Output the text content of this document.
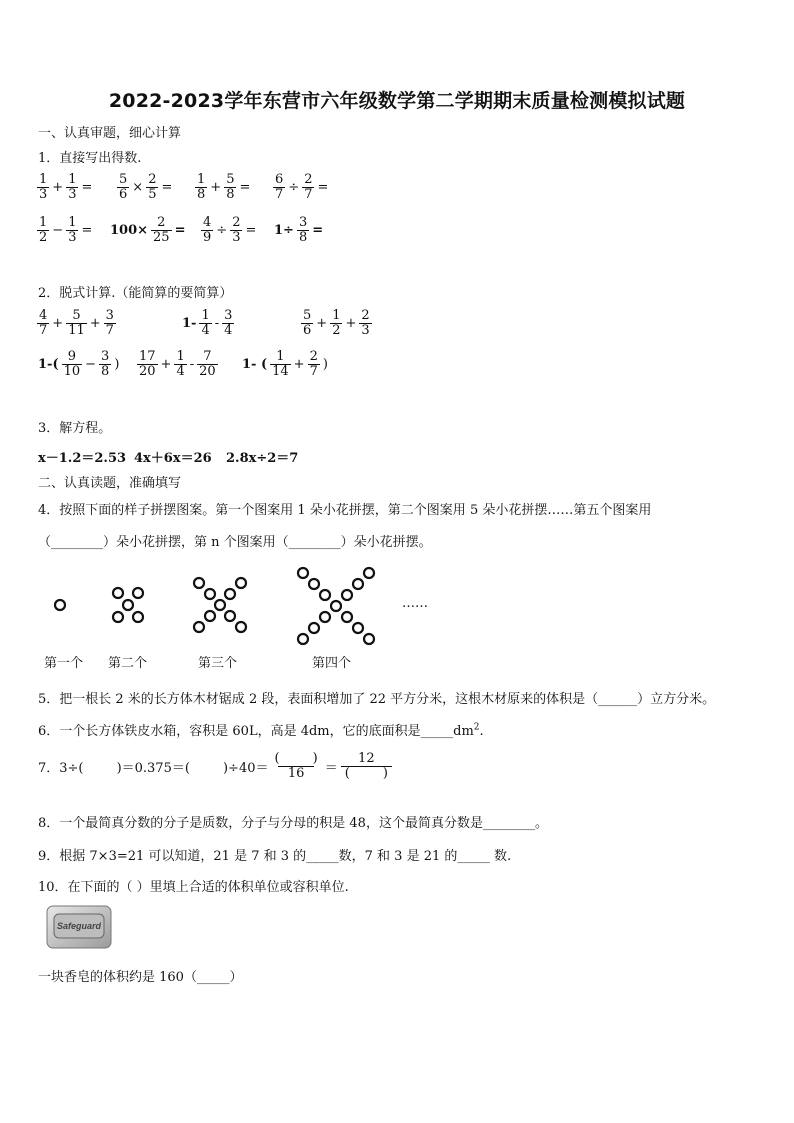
2022-2023学年东营市六年级数学第二学期期末质量检测模拟试题
一、认真审题，细心计算
1．直接写出得数.
$\frac{1}{3} + \frac{1}{3} = \frac{5}{6} \times \frac{2}{5} = \frac{1}{8} + \frac{5}{8} = \frac{6}{7} \div \frac{2}{7}$ =
$\frac{1}{2} - \frac{1}{3} = 100\times \frac{2}{25} = \frac{4}{9} \div \frac{2}{3} = 1\div \frac{3}{8}$ =
2．脱式计算.（能简算的要简算）
$\frac{4}{7} + \frac{5}{11} + \frac{3}{7}$	$1- \frac{1}{4} - \frac{3}{4}$	$\frac{5}{6} + \frac{1}{2} + \frac{2}{3}$
$1-( \frac{9}{10} - \frac{3}{8}$ ) $\frac{17}{20} + \frac{1}{4} - \frac{7}{20} 1-$ ( $\frac{1}{14} + \frac{2}{7}$ )
3．解方程。
x－1.2＝2.53 4x＋6x＝26 2.8x÷2＝7
二、认真读题，准确填写
4．按照下面的样子拼摆图案。第一个图案用 1 朵小花拼摆，第二个图案用 5 朵小花拼摆……第五个图案用
（________）朵小花拼摆，第 n 个图案用（________）朵小花拼摆。
……
第一个 第二个	第三个	第四个
5．把一根长 2 米的长方体木材锯成 2 段，表面积增加了 22 平方分米，这根木材原来的体积是（______）立方分米。
6．一个长方体铁皮水箱，容积是 60L，高是 4dm，它的底面积是$\_\_\_\_\_dm^2$.
7．3÷(        )＝0.375＝(        )$\div 40= \frac{( )}{16} = \frac{12}{( )}$
8．一个最简真分数的分子是质数，分子与分母的积是 48，这个最简真分数是________。
9．根据 7×3=21 可以知道，21 是 7 和 3 的_____数，7 和 3 是 21 的_____ 数.
10．在下面的（ ）里填上合适的体积单位或容积单位.
Safeguard
一块香皂的体积约是 160（_____）
